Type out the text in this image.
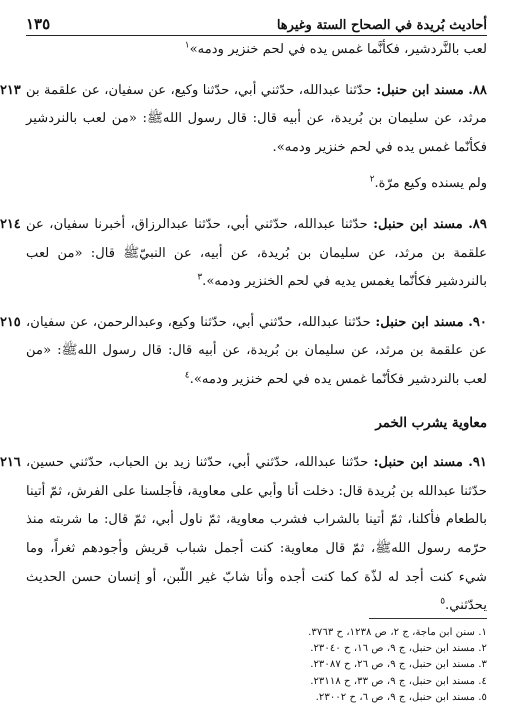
أحاديث بُريدة في الصحاح الستة وغيرها
١٣٥

لعب بالنَّردشير، فكأنَّما غمس يده في لحم خنزير ودمه»$^١$

٢١٣	٨٨. مسند ابن حنبل: حدّثنا عبدالله، حدّثني أبي، حدّثنا وكيع، عن سفيان، عن علقمة بن مرثد، عن سليمان بن بُريدة، عن أبيه قال: قال رسول اللهﷺ: «من لعب بالنردشير فكأنّما غمس يده في لحم خنزير ودمه».

ولم يسنده وكيع مرّة.$^٢$

٢١٤	٨٩. مسند ابن حنبل: حدّثنا عبدالله، حدّثني أبي، حدّثنا عبدالرزاق، أخبرنا سفيان، عن علقمة بن مرثد، عن سليمان بن بُريدة، عن أبيه، عن النبيّﷺ قال: «من لعب بالنردشير فكأنّما يغمس يديه في لحم الخنزير ودمه».$^٣$

٢١٥	٩٠. مسند ابن حنبل: حدّثنا عبدالله، حدّثني أبي، حدّثنا وكيع، وعبدالرحمن، عن سفيان، عن علقمة بن مرثد، عن سليمان بن بُريدة، عن أبيه قال: قال رسول اللهﷺ: «من لعب بالنردشير فكأنّما غمس يده في لحم خنزير ودمه».$^٤$

معاوية يشرب الخمر

٢١٦	٩١. مسند ابن حنبل: حدّثنا عبدالله، حدّثني أبي، حدّثنا زيد بن الحباب، حدّثني حسين، حدّثنا عبدالله بن بُريدة قال: دخلت أنا وأبي على معاوية، فأجلسنا على الفرش، ثمّ أتينا بالطعام فأكلنا، ثمّ أتينا بالشراب فشرب معاوية، ثمّ ناول أبي، ثمّ قال: ما شربته منذ حرّمه رسول اللهﷺ، ثمّ قال معاوية: كنت أجمل شباب قريش وأجودهم ثغراً، وما شيء كنت أجد له لذّة كما كنت أجده وأنا شابّ غير اللّبن، أو إنسان حسن الحديث يحدّثني.$^٥$

١. سنن ابن ماجة، ج ٢، ص ١٢٣٨، ح ٣٧٦٣.
٢. مسند ابن حنبل، ج ٩، ص ١٦، ح ٢٣٠٤٠.
٣. مسند ابن حنبل، ج ٩، ص ٢٦، ح ٢٣٠٨٧.
٤. مسند ابن حنبل، ج ٩، ص ٣٣، ح ٢٣١١٨.
٥. مسند ابن حنبل، ج ٩، ص ٦، ح ٢٣٠٠٢.
